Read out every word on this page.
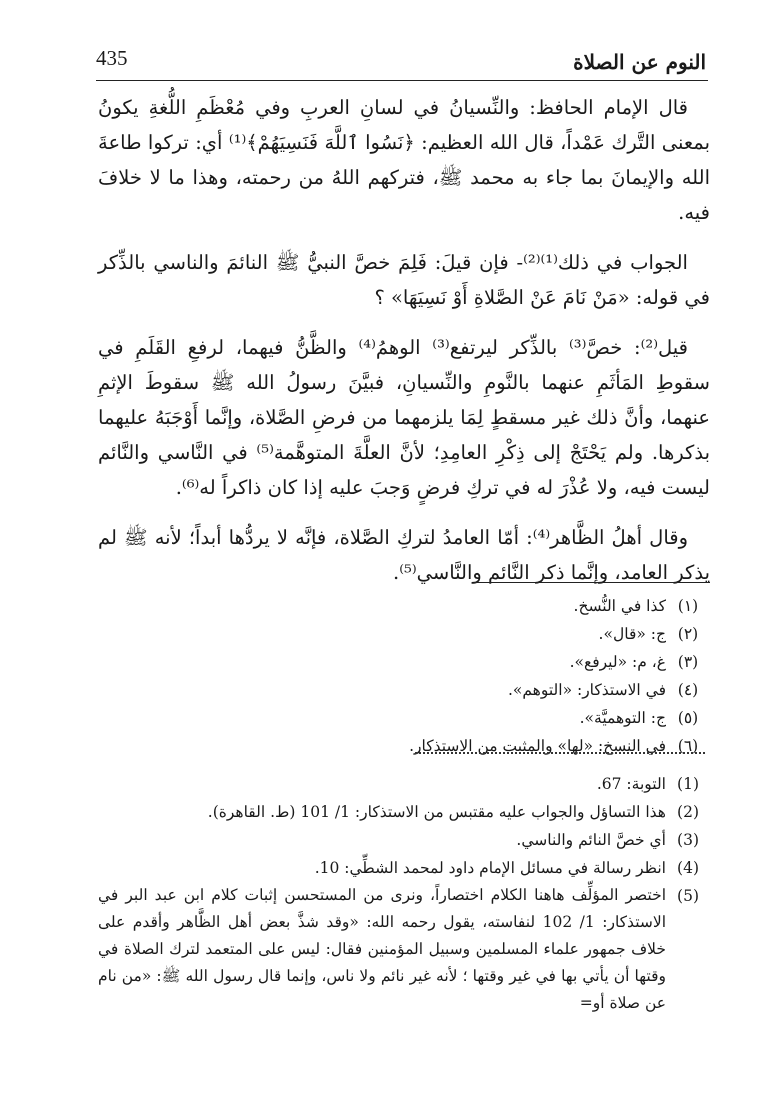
435	النوم عن الصلاة

قال الإمام الحافظ: والنِّسيانُ في لسانِ العربِ وفي مُعْظَمِ اللُّغةِ يكونُ بمعنى التَّرك عَمْداً، قال الله العظيم: ﴿نَسُوا ٱللَّهَ فَنَسِيَهُمْ﴾⁽¹⁾ أي: تركوا طاعةَ الله والإيمانَ بما جاء به محمد ﷺ، فتركهم اللهُ من رحمته، وهذا ما لا خلافَ فيه.

الجواب في ذلك⁽¹⁾⁽²⁾- فإن قيلَ: فَلِمَ خصَّ النبيُّ ﷺ النائمَ والناسي بالذِّكر في قوله: «مَنْ نَامَ عَنْ الصَّلاةِ أَوْ نَسِيَهَا» ؟

قيل⁽²⁾: خصَّ⁽³⁾ بالذِّكر ليرتفع⁽³⁾ الوهمُ⁽⁴⁾ والظَّنُّ فيهما، لرفعِ القَلَمِ في سقوطِ المَأثَمِ عنهما بالنَّومِ والنِّسيانِ، فبيَّنَ رسولُ الله ﷺ سقوطَ الإثمِ عنهما، وأنَّ ذلك غير مسقطٍ لِمَا يلزمهما من فرضِ الصَّلاة، وإنَّما أَوْجَبَهُ عليهما بذكرها. ولم يَحْتَجْ إلى ذِكْرِ العامِدِ؛ لأنَّ العلَّةَ المتوهَّمة⁽⁵⁾ في النَّاسي والنَّائم ليست فيه، ولا عُذْرَ له في تركِ فرضٍ وَجبَ عليه إذا كان ذاكراً له⁽⁶⁾.

وقال أهلُ الظَّاهر⁽⁴⁾: أمّا العامدُ لتركِ الصَّلاة، فإنَّه لا يردُّها أبداً؛ لأنه ﷺ لم يذكر العامد، وإنَّما ذكر النَّائم والنَّاسي⁽⁵⁾.

(١)
كذا في النُّسخ.
(٢)
ج: «قال».
(٣)
غ، م: «ليرفع».
(٤)
في الاستذكار: «التوهم».
(٥)
ج: التوهميَّة».
(٦)
في النسخ: «لها» والمثبت من الاستذكار.
(1)
التوبة: 67.
(2)
هذا التساؤل والجواب عليه مقتبس من الاستذكار: 1/ 101 (ط. القاهرة).
(3)
أي خصَّ النائم والناسي.
(4)
انظر رسالة في مسائل الإمام داود لمحمد الشطِّي: 10.
(5)
اختصر المؤلِّف هاهنا الكلام اختصاراً، ونرى من المستحسن إثبات كلام ابن عبد البر في الاستذكار: 1/ 102 لنفاسته، يقول رحمه الله: «وقد شذَّ بعض أهل الظَّاهر وأقدم على خلاف جمهور علماء المسلمين وسبيل المؤمنين فقال: ليس على المتعمد لترك الصلاة في وقتها أن يأتي بها في غير وقتها ؛ لأنه غير نائم ولا ناس، وإنما قال رسول الله ﷺ: «من نام عن صلاة أو=
